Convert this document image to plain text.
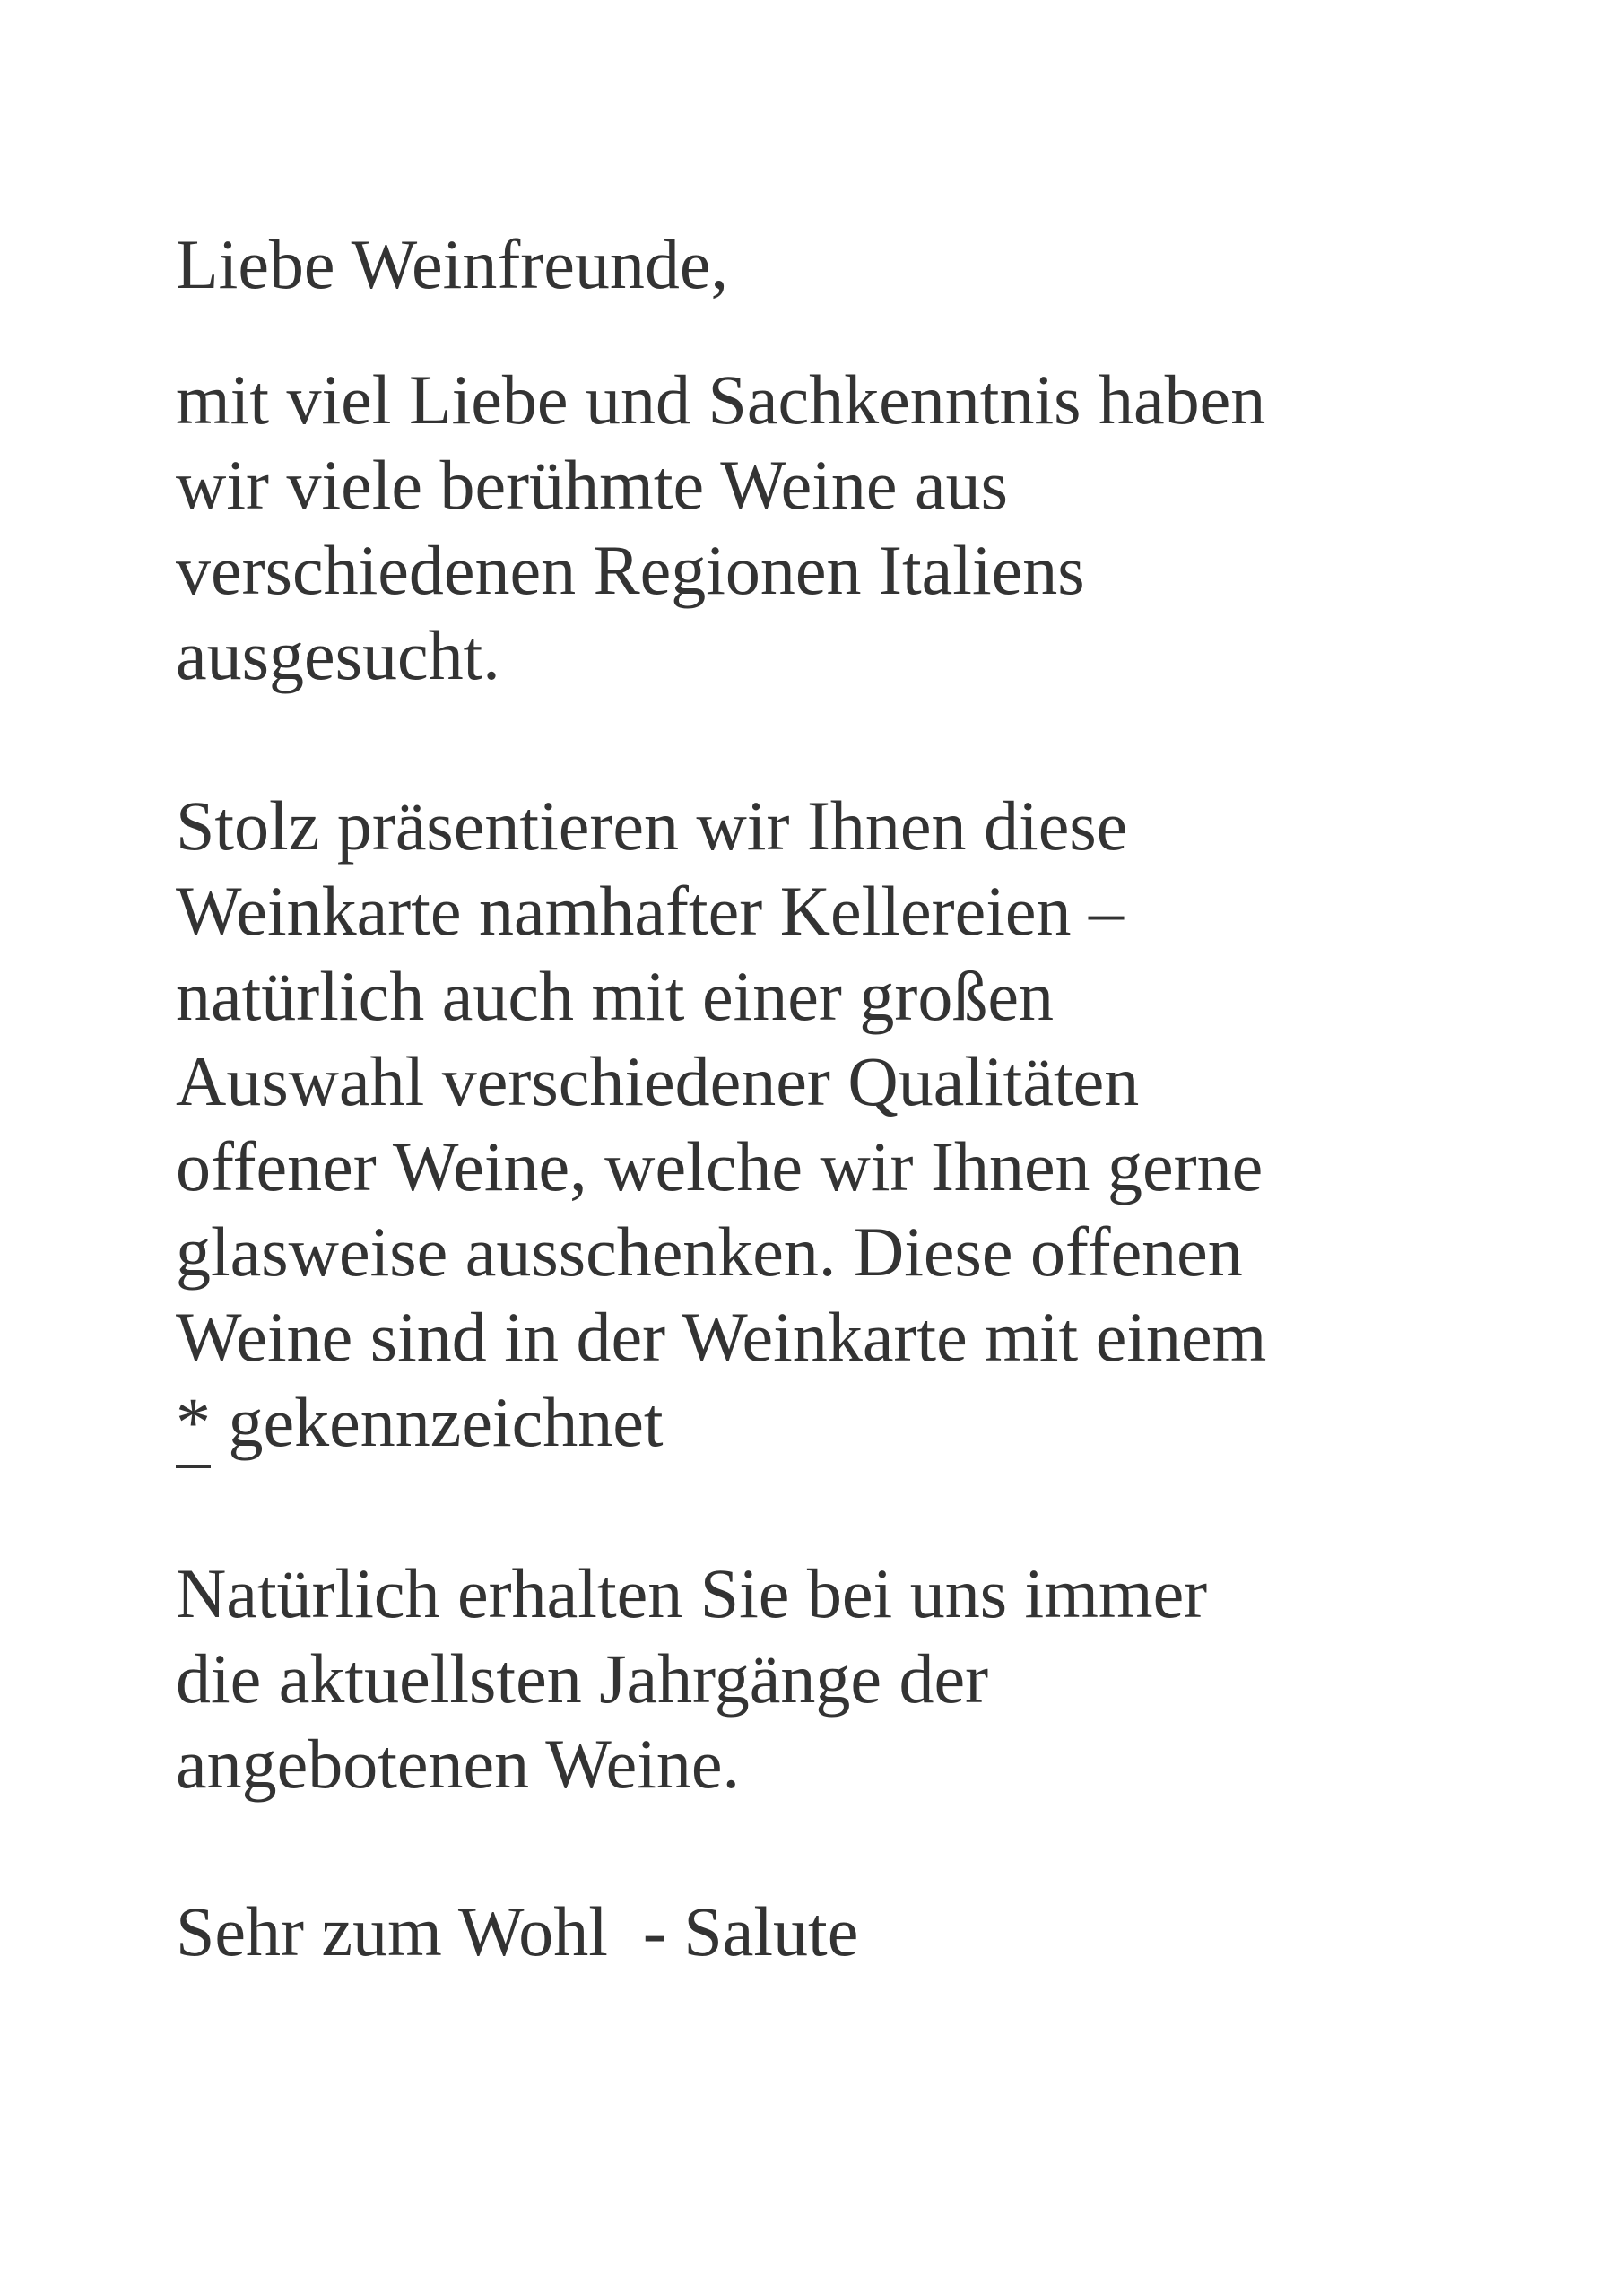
Liebe Weinfreunde,
mit viel Liebe und Sachkenntnis haben
wir viele berühmte Weine aus
verschiedenen Regionen Italiens
ausgesucht.
Stolz präsentieren wir Ihnen diese
Weinkarte namhafter Kellereien –
natürlich auch mit einer großen
Auswahl verschiedener Qualitäten
offener Weine, welche wir Ihnen gerne
glasweise ausschenken. Diese offenen
Weine sind in der Weinkarte mit einem
* gekennzeichnet
Natürlich erhalten Sie bei uns immer
die aktuellsten Jahrgänge der
angebotenen Weine.
Sehr zum Wohl  - Salute
